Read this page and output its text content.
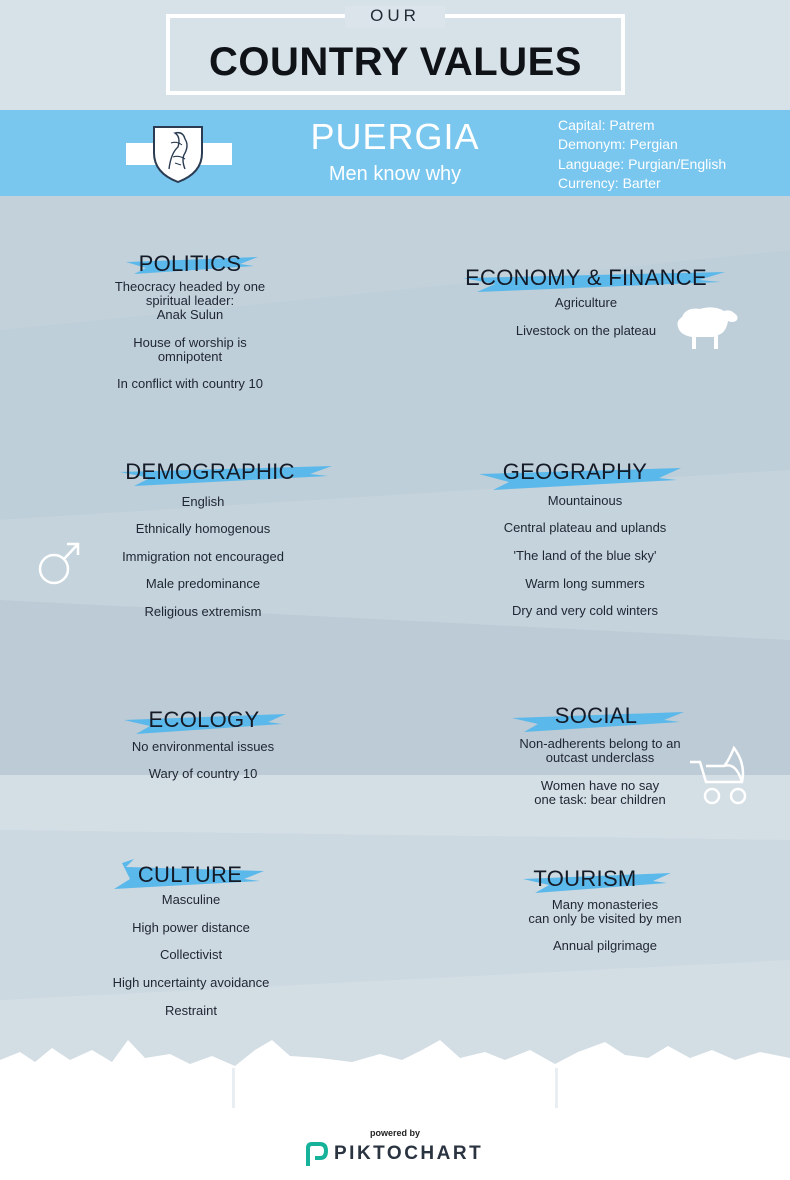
OUR
COUNTRY VALUES
PUERGIA
Men know why
Capital: Patrem
Demonym: Pergian
Language: Purgian/English
Currency: Barter
POLITICS
Theocracy headed by one
spiritual leader:
Anak Sulun
House of worship is
omnipotent
In conflict with country 10
ECONOMY & FINANCE
Agriculture
Livestock on the plateau
DEMOGRAPHIC
English
Ethnically homogenous
Immigration not encouraged
Male predominance
Religious extremism
GEOGRAPHY
Mountainous
Central plateau and uplands
'The land of the blue sky'
Warm long summers
Dry and very cold winters
ECOLOGY
No environmental issues
Wary of country 10
SOCIAL
Non-adherents belong to an
outcast underclass
Women have no say
one task: bear children
CULTURE
Masculine
High power distance
Collectivist
High uncertainty avoidance
Restraint
TOURISM
Many monasteries
can only be visited by men
Annual pilgrimage
powered by
PIKTOCHART
